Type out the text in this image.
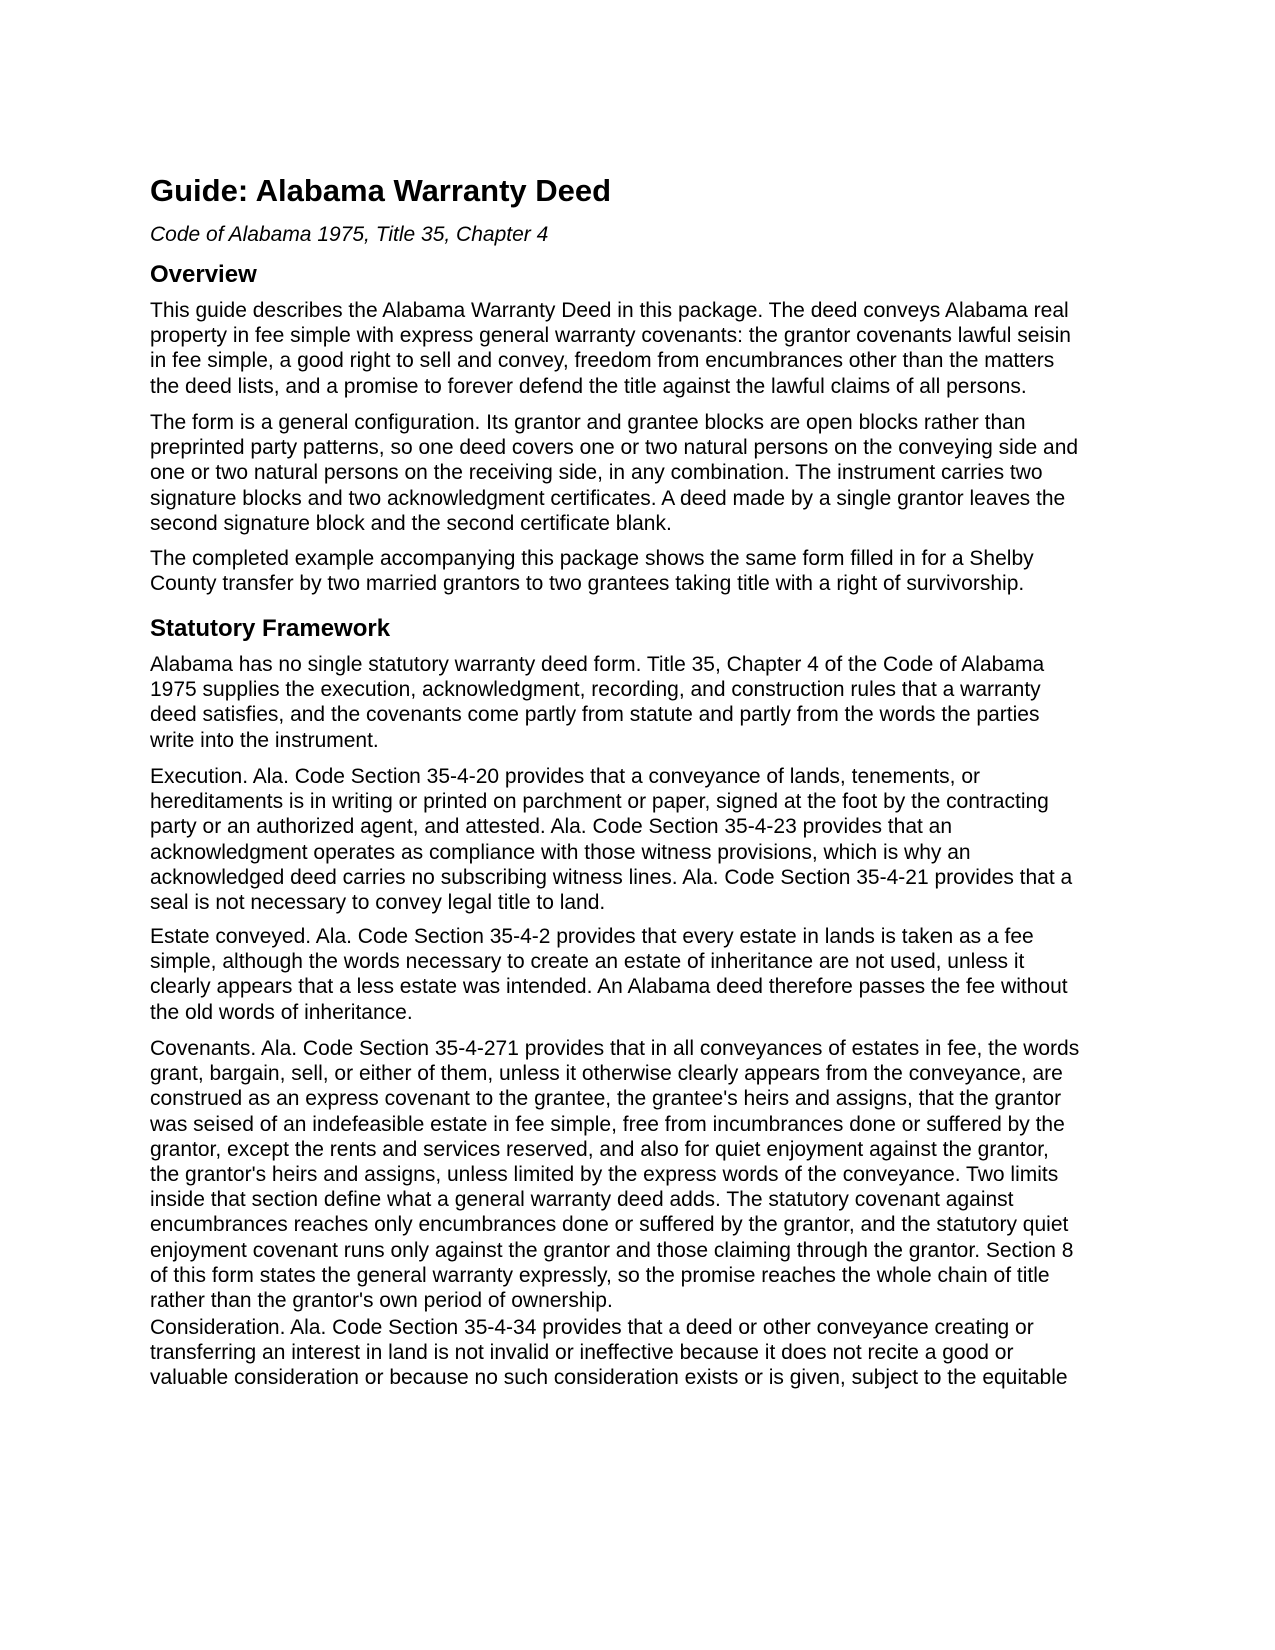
Guide: Alabama Warranty Deed
Code of Alabama 1975, Title 35, Chapter 4
Overview

This guide describes the Alabama Warranty Deed in this package. The deed conveys Alabama real
property in fee simple with express general warranty covenants: the grantor covenants lawful seisin
in fee simple, a good right to sell and convey, freedom from encumbrances other than the matters
the deed lists, and a promise to forever defend the title against the lawful claims of all persons.

The form is a general configuration. Its grantor and grantee blocks are open blocks rather than
preprinted party patterns, so one deed covers one or two natural persons on the conveying side and
one or two natural persons on the receiving side, in any combination. The instrument carries two
signature blocks and two acknowledgment certificates. A deed made by a single grantor leaves the
second signature block and the second certificate blank.

The completed example accompanying this package shows the same form filled in for a Shelby
County transfer by two married grantors to two grantees taking title with a right of survivorship.

Statutory Framework

Alabama has no single statutory warranty deed form. Title 35, Chapter 4 of the Code of Alabama
1975 supplies the execution, acknowledgment, recording, and construction rules that a warranty
deed satisfies, and the covenants come partly from statute and partly from the words the parties
write into the instrument.

Execution. Ala. Code Section 35-4-20 provides that a conveyance of lands, tenements, or
hereditaments is in writing or printed on parchment or paper, signed at the foot by the contracting
party or an authorized agent, and attested. Ala. Code Section 35-4-23 provides that an
acknowledgment operates as compliance with those witness provisions, which is why an
acknowledged deed carries no subscribing witness lines. Ala. Code Section 35-4-21 provides that a
seal is not necessary to convey legal title to land.

Estate conveyed. Ala. Code Section 35-4-2 provides that every estate in lands is taken as a fee
simple, although the words necessary to create an estate of inheritance are not used, unless it
clearly appears that a less estate was intended. An Alabama deed therefore passes the fee without
the old words of inheritance.

Covenants. Ala. Code Section 35-4-271 provides that in all conveyances of estates in fee, the words
grant, bargain, sell, or either of them, unless it otherwise clearly appears from the conveyance, are
construed as an express covenant to the grantee, the grantee's heirs and assigns, that the grantor
was seised of an indefeasible estate in fee simple, free from incumbrances done or suffered by the
grantor, except the rents and services reserved, and also for quiet enjoyment against the grantor,
the grantor's heirs and assigns, unless limited by the express words of the conveyance. Two limits
inside that section define what a general warranty deed adds. The statutory covenant against
encumbrances reaches only encumbrances done or suffered by the grantor, and the statutory quiet
enjoyment covenant runs only against the grantor and those claiming through the grantor. Section 8
of this form states the general warranty expressly, so the promise reaches the whole chain of title
rather than the grantor's own period of ownership.

Consideration. Ala. Code Section 35-4-34 provides that a deed or other conveyance creating or
transferring an interest in land is not invalid or ineffective because it does not recite a good or
valuable consideration or because no such consideration exists or is given, subject to the equitable
